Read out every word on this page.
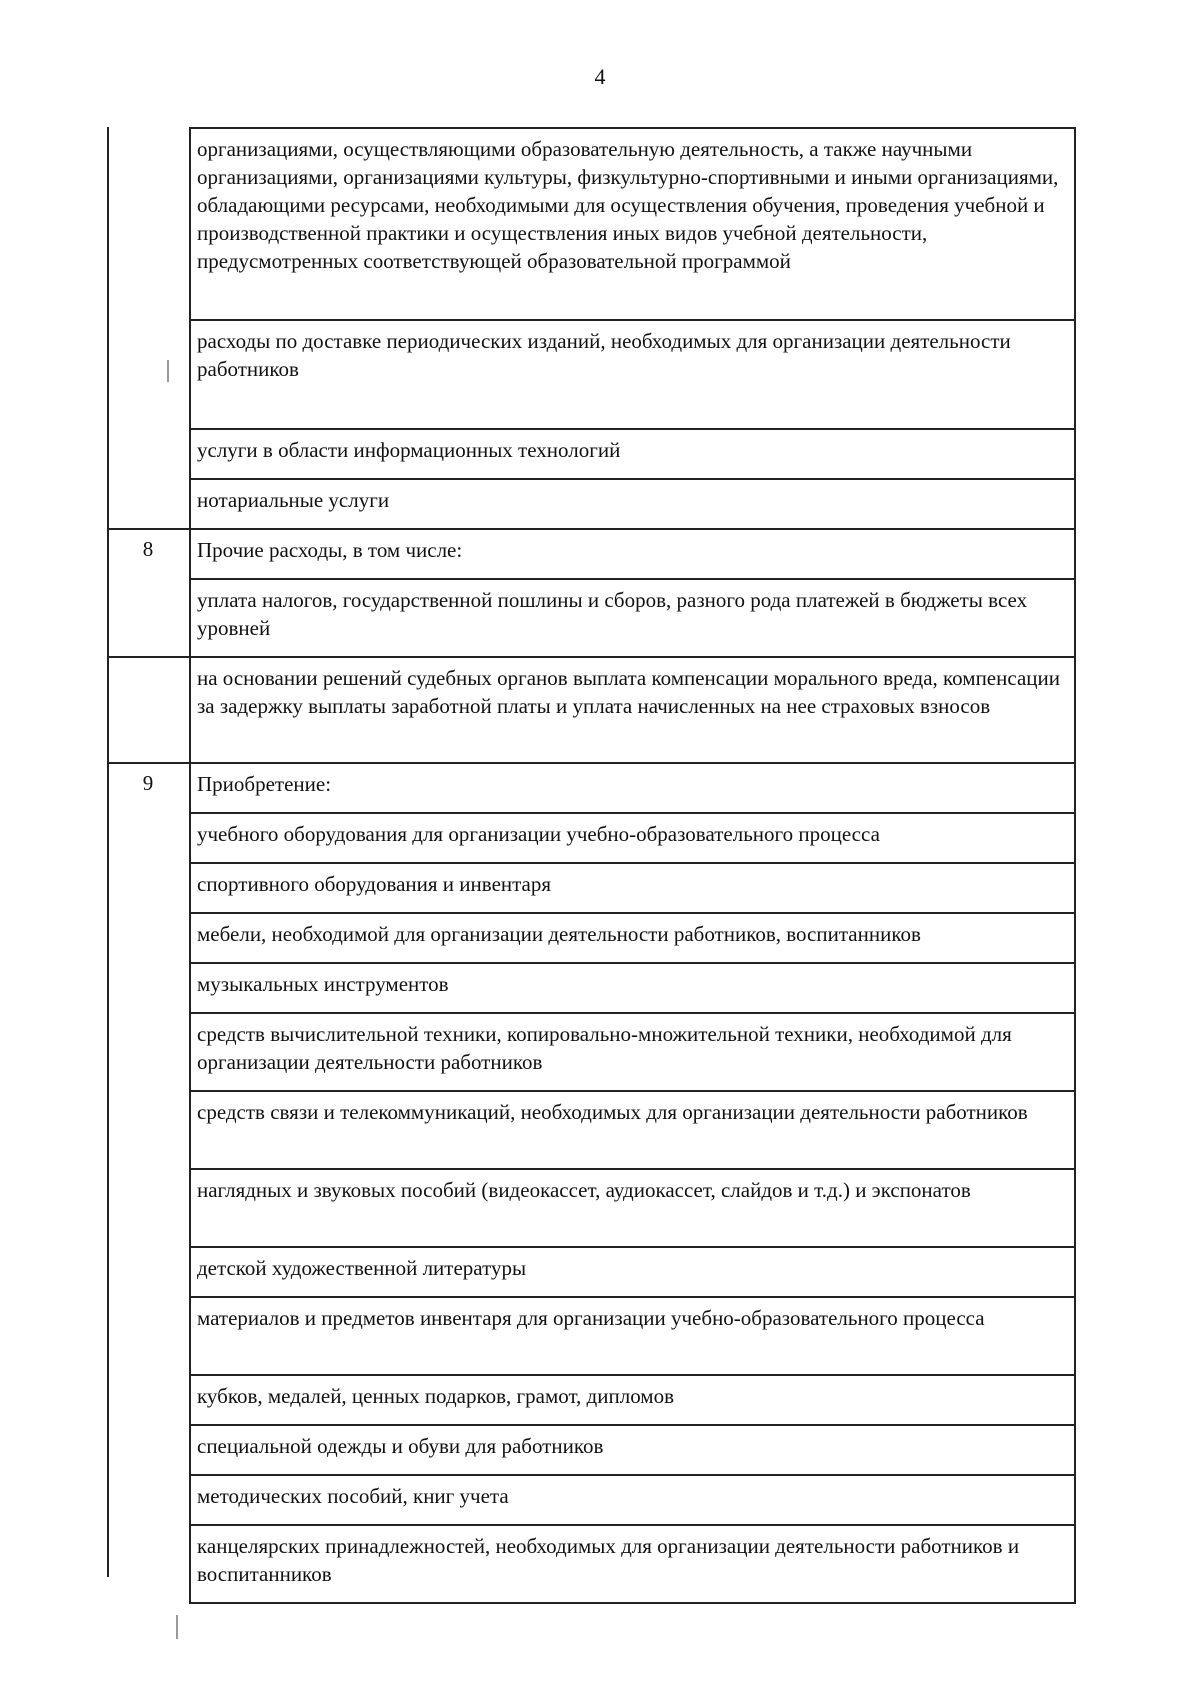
4
организациями, осуществляющими образовательную деятельность, а также научными организациями, организациями культуры, физкультурно-спортивными и иными организациями, обладающими ресурсами, необходимыми для осуществления обучения, проведения учебной и производственной практики и осуществления иных видов учебной деятельности, предусмотренных соответствующей образовательной программой
расходы по доставке периодических изданий, необходимых для организации деятельности работников
услуги в области информационных технологий
нотариальные услуги
8	Прочие расходы, в том числе:
уплата налогов, государственной пошлины и сборов, разного рода платежей в бюджеты всех уровней
на основании решений судебных органов выплата компенсации морального вреда, компенсации за задержку выплаты заработной платы и уплата начисленных на нее страховых взносов
9	Приобретение:
учебного оборудования для организации учебно-образовательного процесса
спортивного оборудования и инвентаря
мебели, необходимой для организации деятельности работников, воспитанников
музыкальных инструментов
средств вычислительной техники, копировально-множительной техники, необходимой для организации деятельности работников
средств связи и телекоммуникаций, необходимых для организации деятельности работников
наглядных и звуковых пособий (видеокассет, аудиокассет, слайдов и т.д.) и экспонатов
детской художественной литературы
материалов и предметов инвентаря для организации учебно-образовательного процесса
кубков, медалей, ценных подарков, грамот, дипломов
специальной одежды и обуви для работников
методических пособий, книг учета
канцелярских принадлежностей, необходимых для организации деятельности работников и воспитанников
